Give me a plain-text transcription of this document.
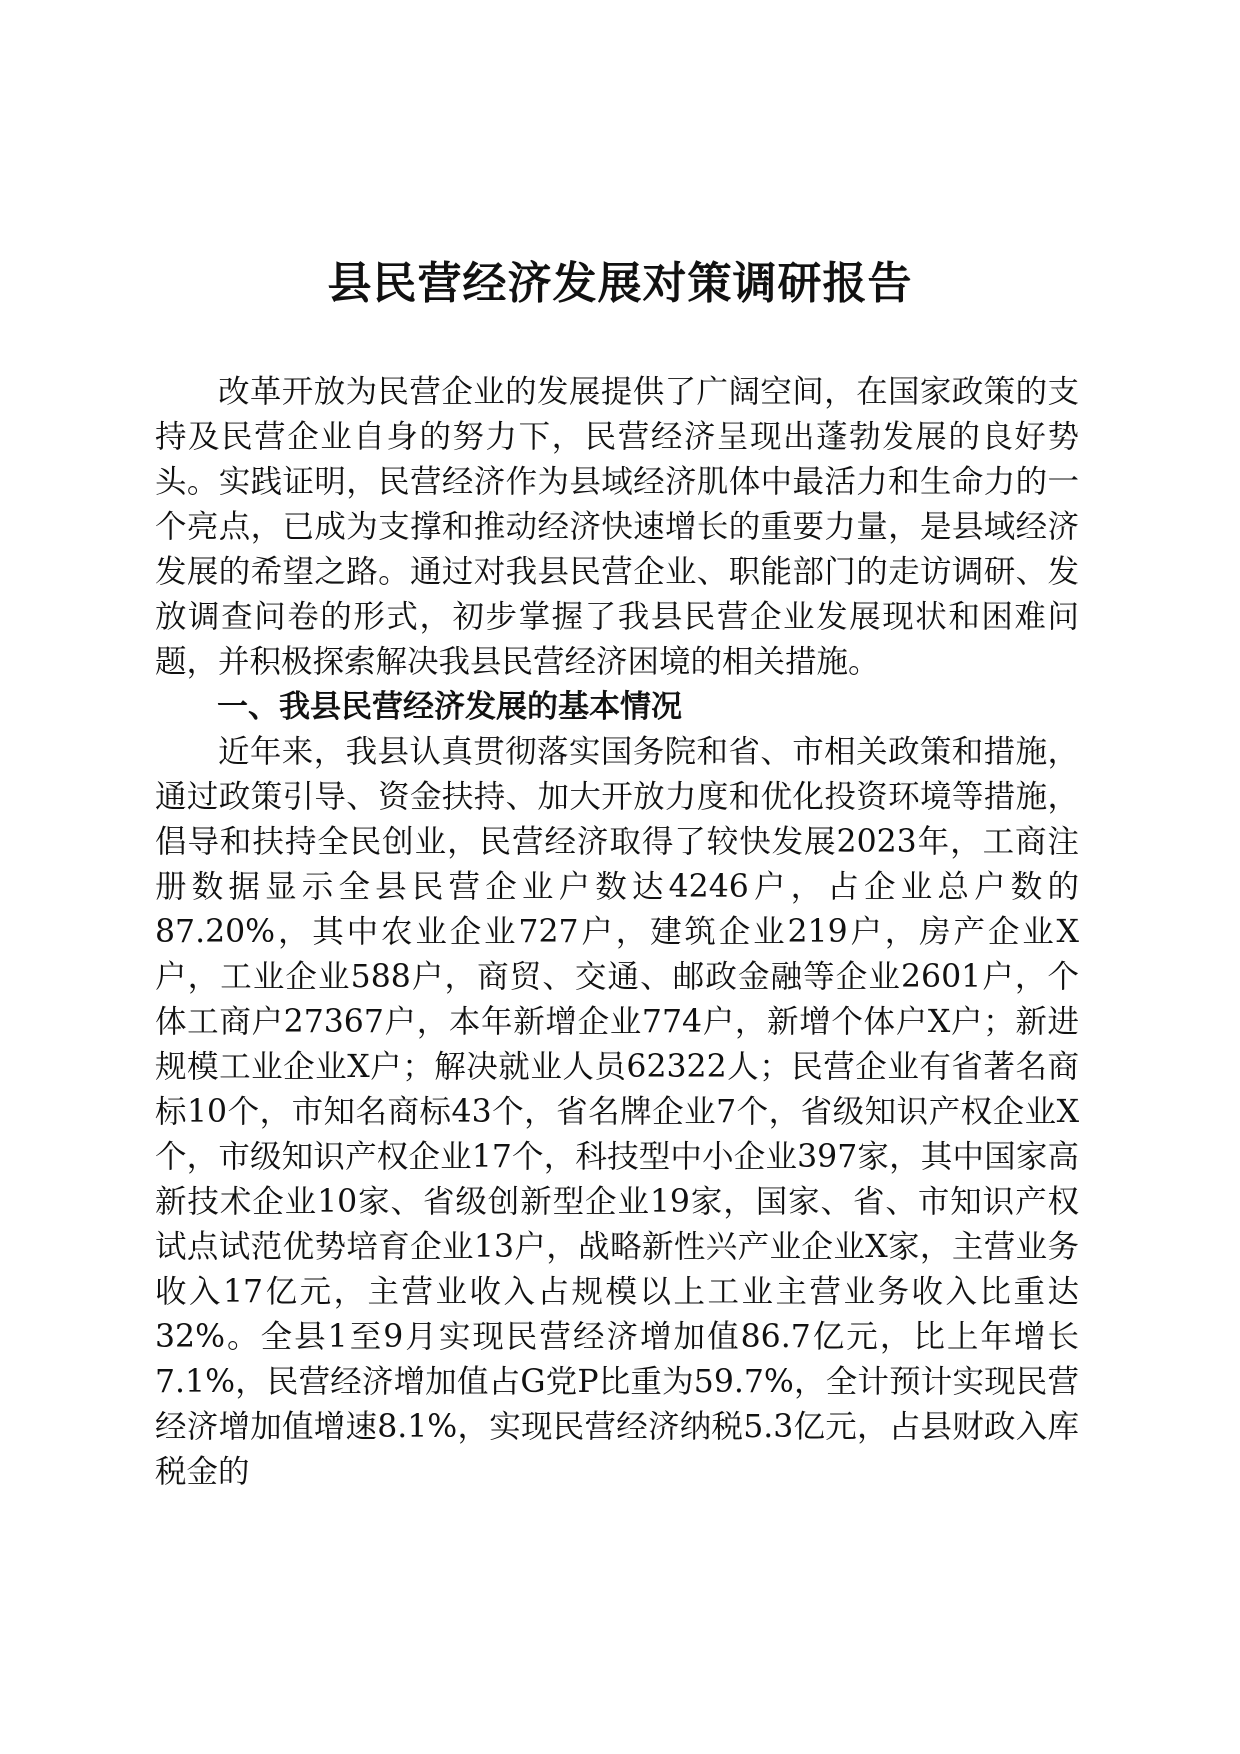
县民营经济发展对策调研报告

改革开放为民营企业的发展提供了广阔空间，在国家政策的支持及民营企业自身的努力下，民营经济呈现出蓬勃发展的良好势头。实践证明，民营经济作为县域经济肌体中最活力和生命力的一个亮点，已成为支撑和推动经济快速增长的重要力量，是县域经济发展的希望之路。通过对我县民营企业、职能部门的走访调研、发放调查问卷的形式，初步掌握了我县民营企业发展现状和困难问题，并积极探索解决我县民营经济困境的相关措施。

一、我县民营经济发展的基本情况

近年来，我县认真贯彻落实国务院和省、市相关政策和措施，通过政策引导、资金扶持、加大开放力度和优化投资环境等措施，倡导和扶持全民创业，民营经济取得了较快发展2023年，工商注册数据显示全县民营企业户数达4246户，占企业总户数的87.20%，其中农业企业727户，建筑企业219户，房产企业X户，工业企业588户，商贸、交通、邮政金融等企业2601户，个体工商户27367户，本年新增企业774户，新增个体户X户；新进规模工业企业X户；解决就业人员62322人；民营企业有省著名商标10个，市知名商标43个，省名牌企业7个，省级知识产权企业X个，市级知识产权企业17个，科技型中小企业397家，其中国家高新技术企业10家、省级创新型企业19家，国家、省、市知识产权试点试范优势培育企业13户，战略新性兴产业企业X家，主营业务收入17亿元，主营业收入占规模以上工业主营业务收入比重达32%。全县1至9月实现民营经济增加值86.7亿元，比上年增长7.1%，民营经济增加值占G党P比重为59.7%，全计预计实现民营经济增加值增速8.1%，实现民营经济纳税5.3亿元，占县财政入库税金的
